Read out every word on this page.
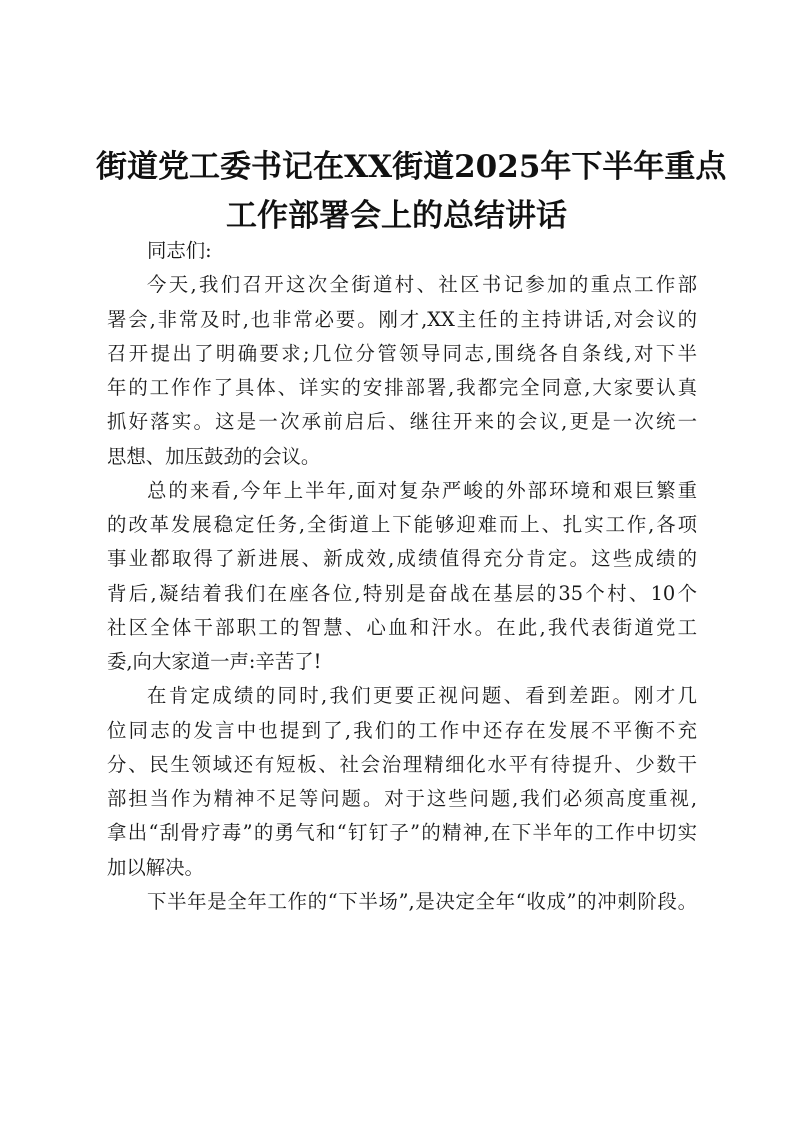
街道党工委书记在XX街道2025年下半年重点
工作部署会上的总结讲话
同志们:
今天,我们召开这次全街道村、社区书记参加的重点工作部
署会,非常及时,也非常必要。刚才,XX主任的主持讲话,对会议的
召开提出了明确要求;几位分管领导同志,围绕各自条线,对下半
年的工作作了具体、详实的安排部署,我都完全同意,大家要认真
抓好落实。这是一次承前启后、继往开来的会议,更是一次统一
思想、加压鼓劲的会议。
总的来看,今年上半年,面对复杂严峻的外部环境和艰巨繁重
的改革发展稳定任务,全街道上下能够迎难而上、扎实工作,各项
事业都取得了新进展、新成效,成绩值得充分肯定。这些成绩的
背后,凝结着我们在座各位,特别是奋战在基层的35个村、10个
社区全体干部职工的智慧、心血和汗水。在此,我代表街道党工
委,向大家道一声:辛苦了!
在肯定成绩的同时,我们更要正视问题、看到差距。刚才几
位同志的发言中也提到了,我们的工作中还存在发展不平衡不充
分、民生领域还有短板、社会治理精细化水平有待提升、少数干
部担当作为精神不足等问题。对于这些问题,我们必须高度重视,
拿出“刮骨疗毒”的勇气和“钉钉子”的精神,在下半年的工作中切实
加以解决。
下半年是全年工作的“下半场”,是决定全年“收成”的冲刺阶段。
